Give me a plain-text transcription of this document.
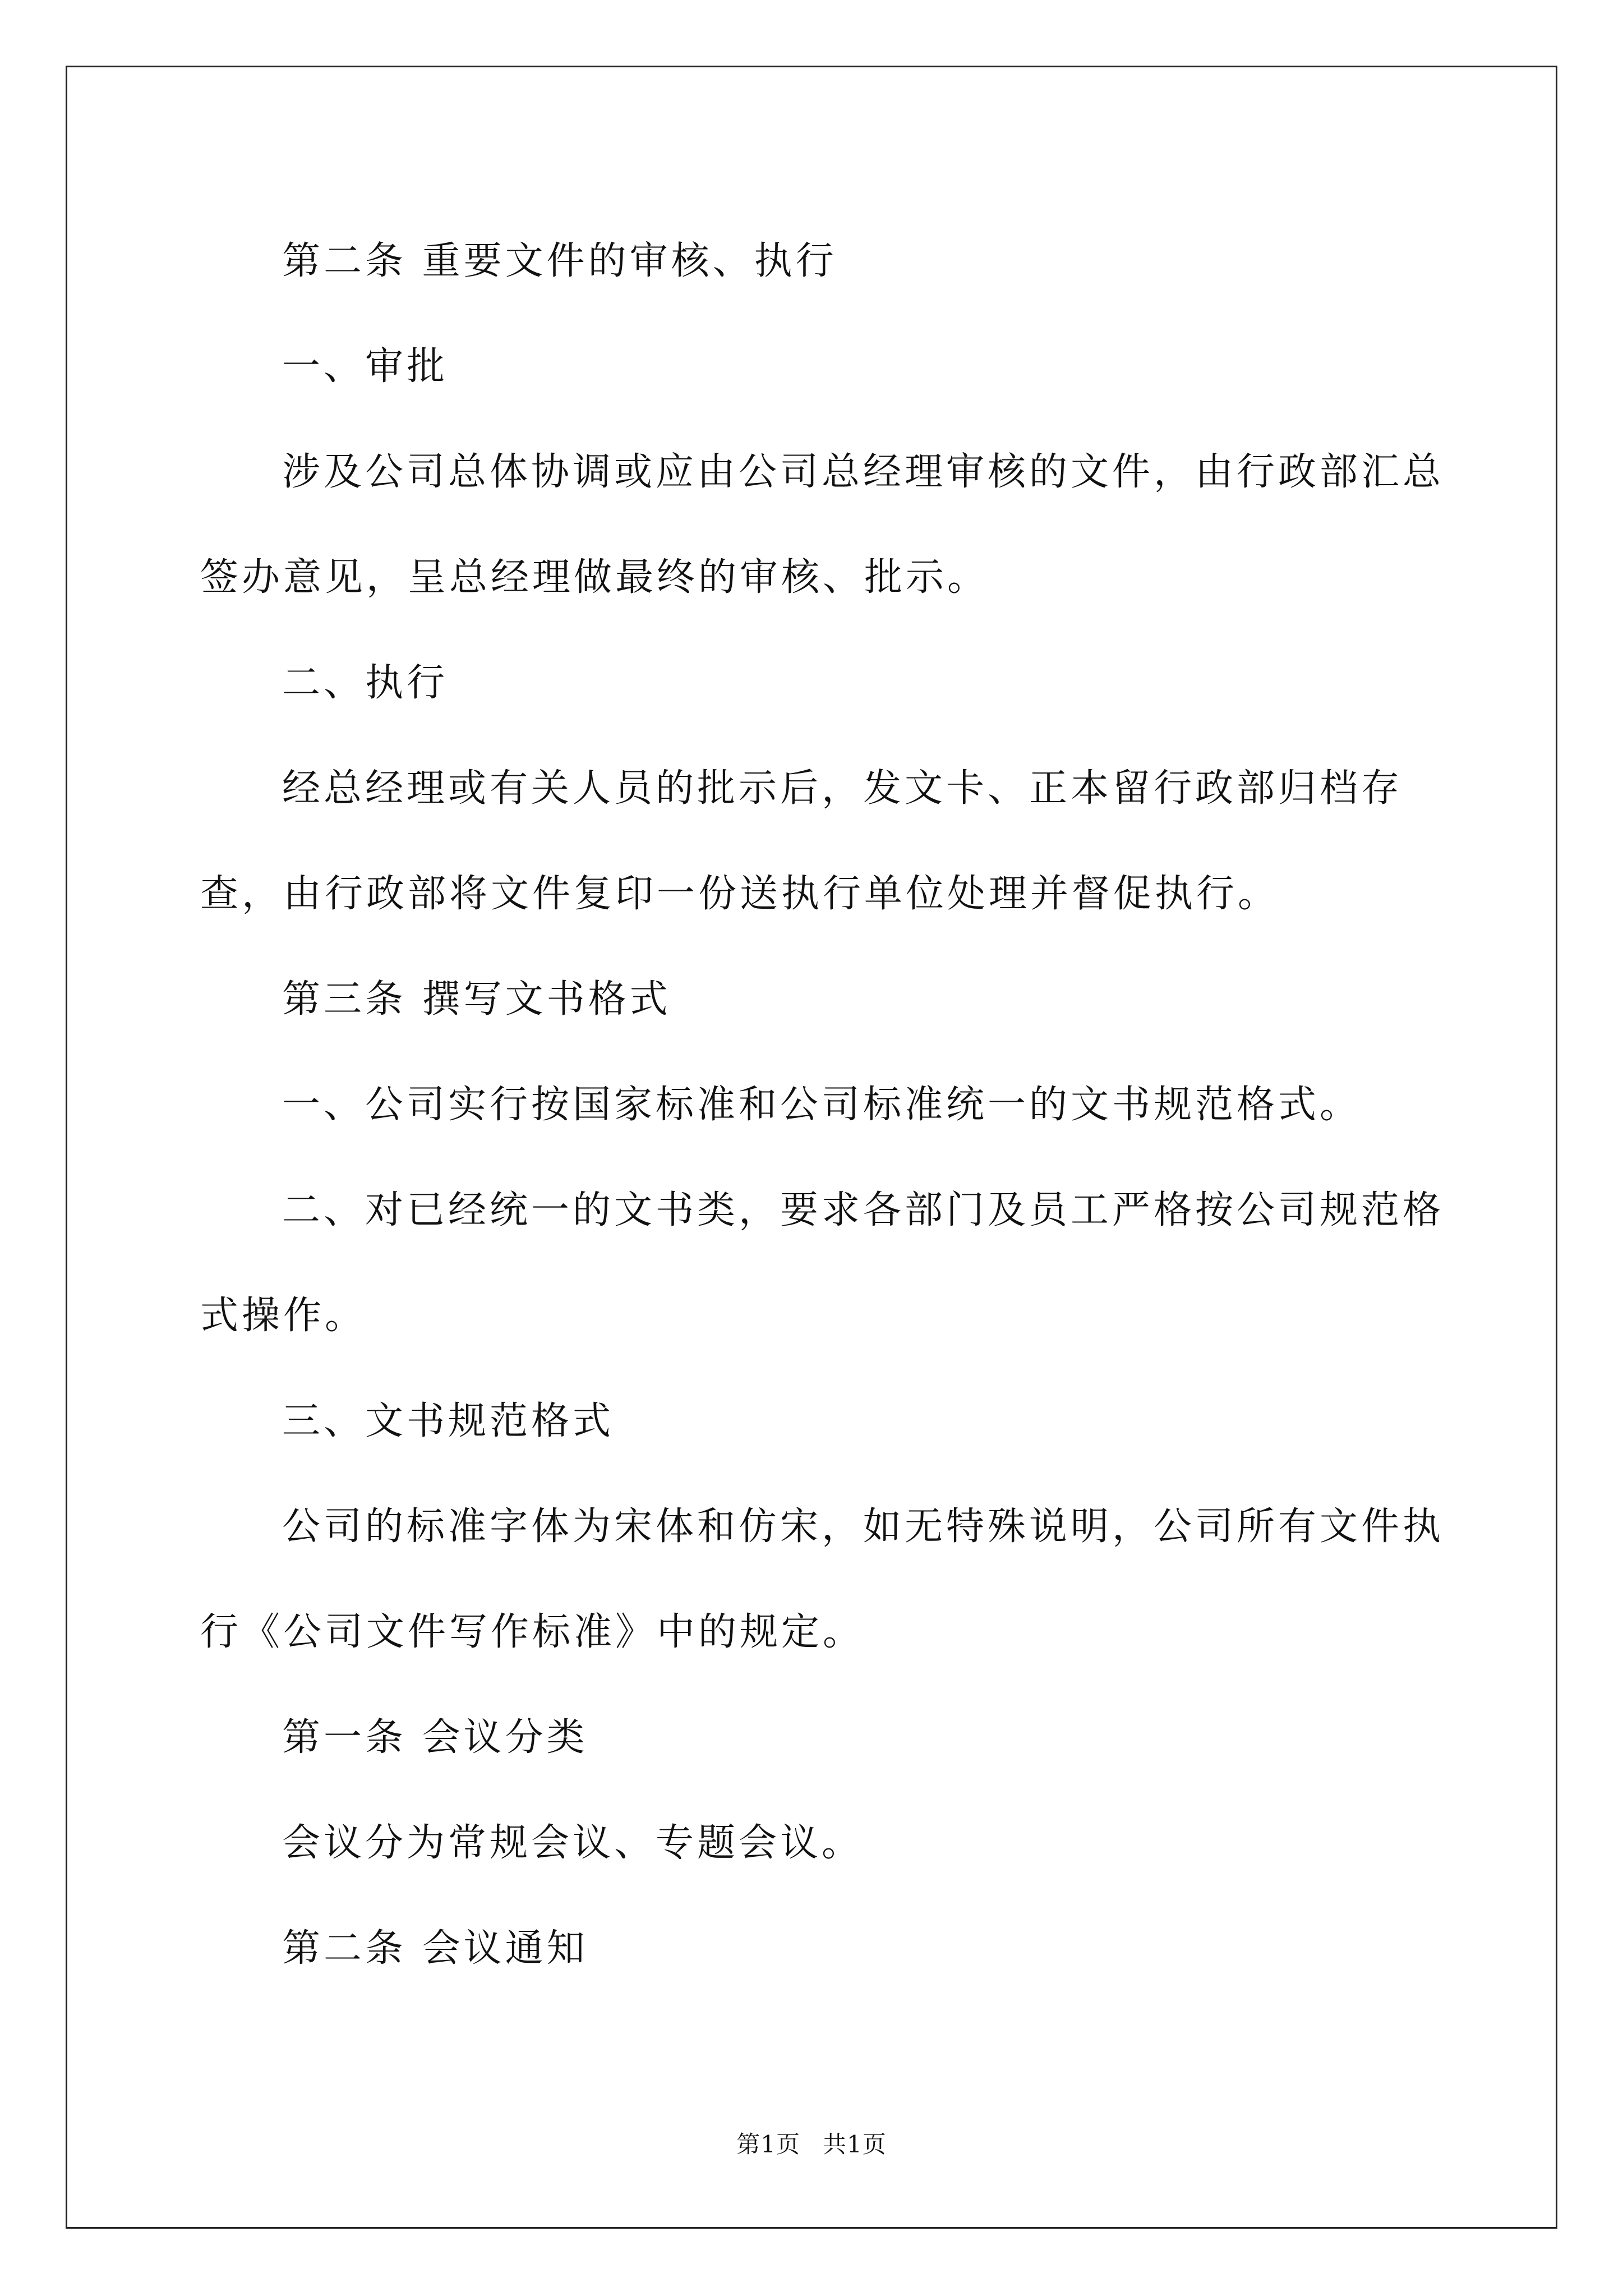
第二条 重要文件的审核、执行

一、审批

涉及公司总体协调或应由公司总经理审核的文件，由行政部汇总签办意见，呈总经理做最终的审核、批示。

二、执行

经总经理或有关人员的批示后，发文卡、正本留行政部归档存查，由行政部将文件复印一份送执行单位处理并督促执行。

第三条 撰写文书格式

一、公司实行按国家标准和公司标准统一的文书规范格式。

二、对已经统一的文书类，要求各部门及员工严格按公司规范格式操作。

三、文书规范格式

公司的标准字体为宋体和仿宋，如无特殊说明，公司所有文件执行《公司文件写作标准》中的规定。

第一条 会议分类

会议分为常规会议、专题会议。

第二条 会议通知

第1页 共1页
